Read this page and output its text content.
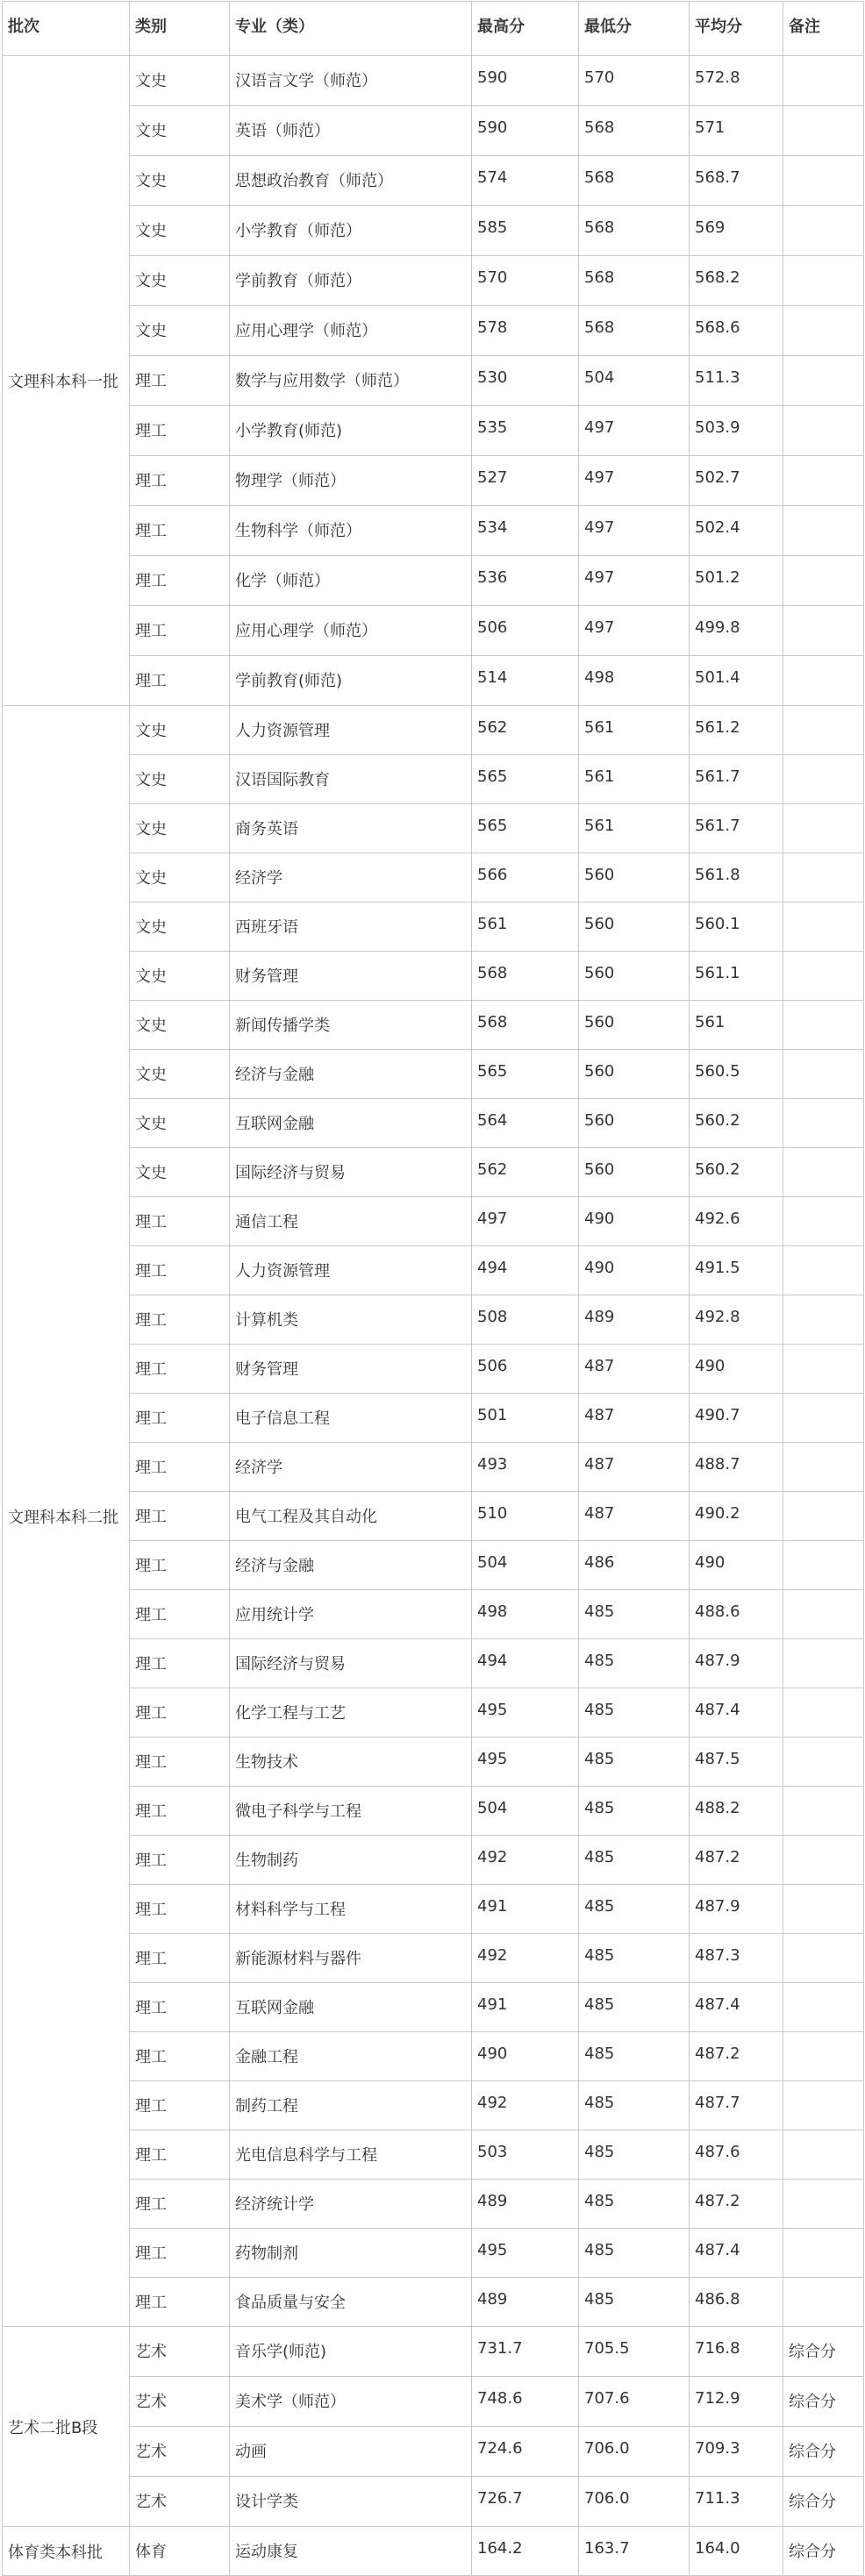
批次	类别	专业（类）	最高分	最低分	平均分	备注
文理科本科一批	文史	汉语言文学（师范）	590	570	572.8	
	文史	英语（师范）	590	568	571	
	文史	思想政治教育（师范）	574	568	568.7	
	文史	小学教育（师范）	585	568	569	
	文史	学前教育（师范）	570	568	568.2	
	文史	应用心理学（师范）	578	568	568.6	
	理工	数学与应用数学（师范）	530	504	511.3	
	理工	小学教育(师范)	535	497	503.9	
	理工	物理学（师范）	527	497	502.7	
	理工	生物科学（师范）	534	497	502.4	
	理工	化学（师范）	536	497	501.2	
	理工	应用心理学（师范）	506	497	499.8	
	理工	学前教育(师范)	514	498	501.4	
文理科本科二批	文史	人力资源管理	562	561	561.2	
	文史	汉语国际教育	565	561	561.7	
	文史	商务英语	565	561	561.7	
	文史	经济学	566	560	561.8	
	文史	西班牙语	561	560	560.1	
	文史	财务管理	568	560	561.1	
	文史	新闻传播学类	568	560	561	
	文史	经济与金融	565	560	560.5	
	文史	互联网金融	564	560	560.2	
	文史	国际经济与贸易	562	560	560.2	
	理工	通信工程	497	490	492.6	
	理工	人力资源管理	494	490	491.5	
	理工	计算机类	508	489	492.8	
	理工	财务管理	506	487	490	
	理工	电子信息工程	501	487	490.7	
	理工	经济学	493	487	488.7	
	理工	电气工程及其自动化	510	487	490.2	
	理工	经济与金融	504	486	490	
	理工	应用统计学	498	485	488.6	
	理工	国际经济与贸易	494	485	487.9	
	理工	化学工程与工艺	495	485	487.4	
	理工	生物技术	495	485	487.5	
	理工	微电子科学与工程	504	485	488.2	
	理工	生物制药	492	485	487.2	
	理工	材料科学与工程	491	485	487.9	
	理工	新能源材料与器件	492	485	487.3	
	理工	互联网金融	491	485	487.4	
	理工	金融工程	490	485	487.2	
	理工	制药工程	492	485	487.7	
	理工	光电信息科学与工程	503	485	487.6	
	理工	经济统计学	489	485	487.2	
	理工	药物制剂	495	485	487.4	
	理工	食品质量与安全	489	485	486.8	
艺术二批B段	艺术	音乐学(师范)	731.7	705.5	716.8	综合分
	艺术	美术学（师范）	748.6	707.6	712.9	综合分
	艺术	动画	724.6	706.0	709.3	综合分
	艺术	设计学类	726.7	706.0	711.3	综合分
体育类本科批	体育	运动康复	164.2	163.7	164.0	综合分
